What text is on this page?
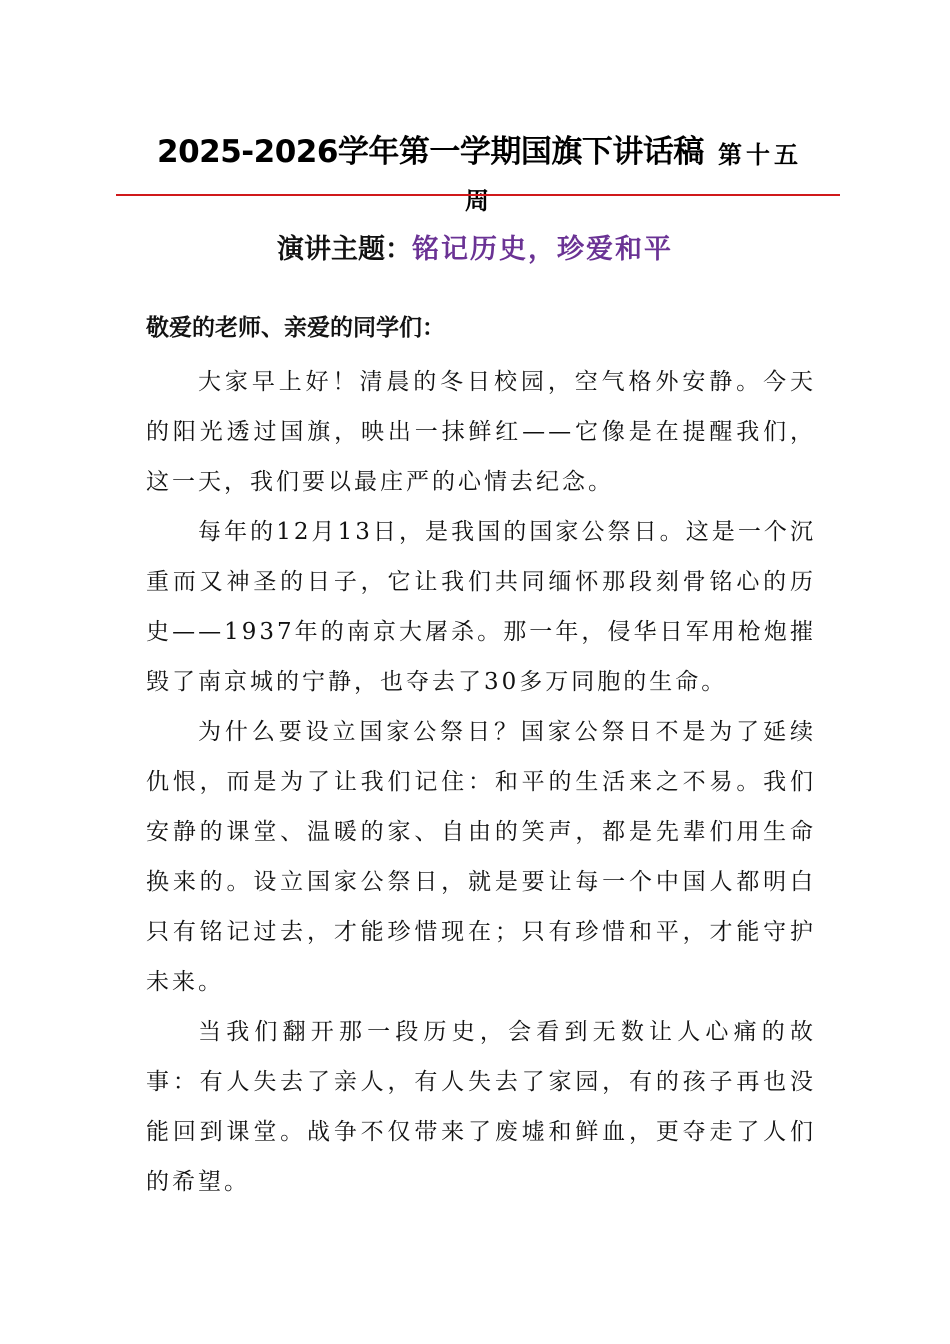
2025-2026学年第一学期国旗下讲话稿 第十五
周
演讲主题：铭记历史，珍爱和平
敬爱的老师、亲爱的同学们：

大家早上好！清晨的冬日校园，空气格外安静。今天的阳光透过国旗，映出一抹鲜红——它像是在提醒我们，这一天，我们要以最庄严的心情去纪念。

每年的12月13日，是我国的国家公祭日。这是一个沉重而又神圣的日子，它让我们共同缅怀那段刻骨铭心的历史——1937年的南京大屠杀。那一年，侵华日军用枪炮摧毁了南京城的宁静，也夺去了30多万同胞的生命。

为什么要设立国家公祭日？国家公祭日不是为了延续仇恨，而是为了让我们记住：和平的生活来之不易。我们安静的课堂、温暖的家、自由的笑声，都是先辈们用生命换来的。设立国家公祭日，就是要让每一个中国人都明白只有铭记过去，才能珍惜现在；只有珍惜和平，才能守护未来。

当我们翻开那一段历史，会看到无数让人心痛的故事：有人失去了亲人，有人失去了家园，有的孩子再也没能回到课堂。战争不仅带来了废墟和鲜血，更夺走了人们的希望。
